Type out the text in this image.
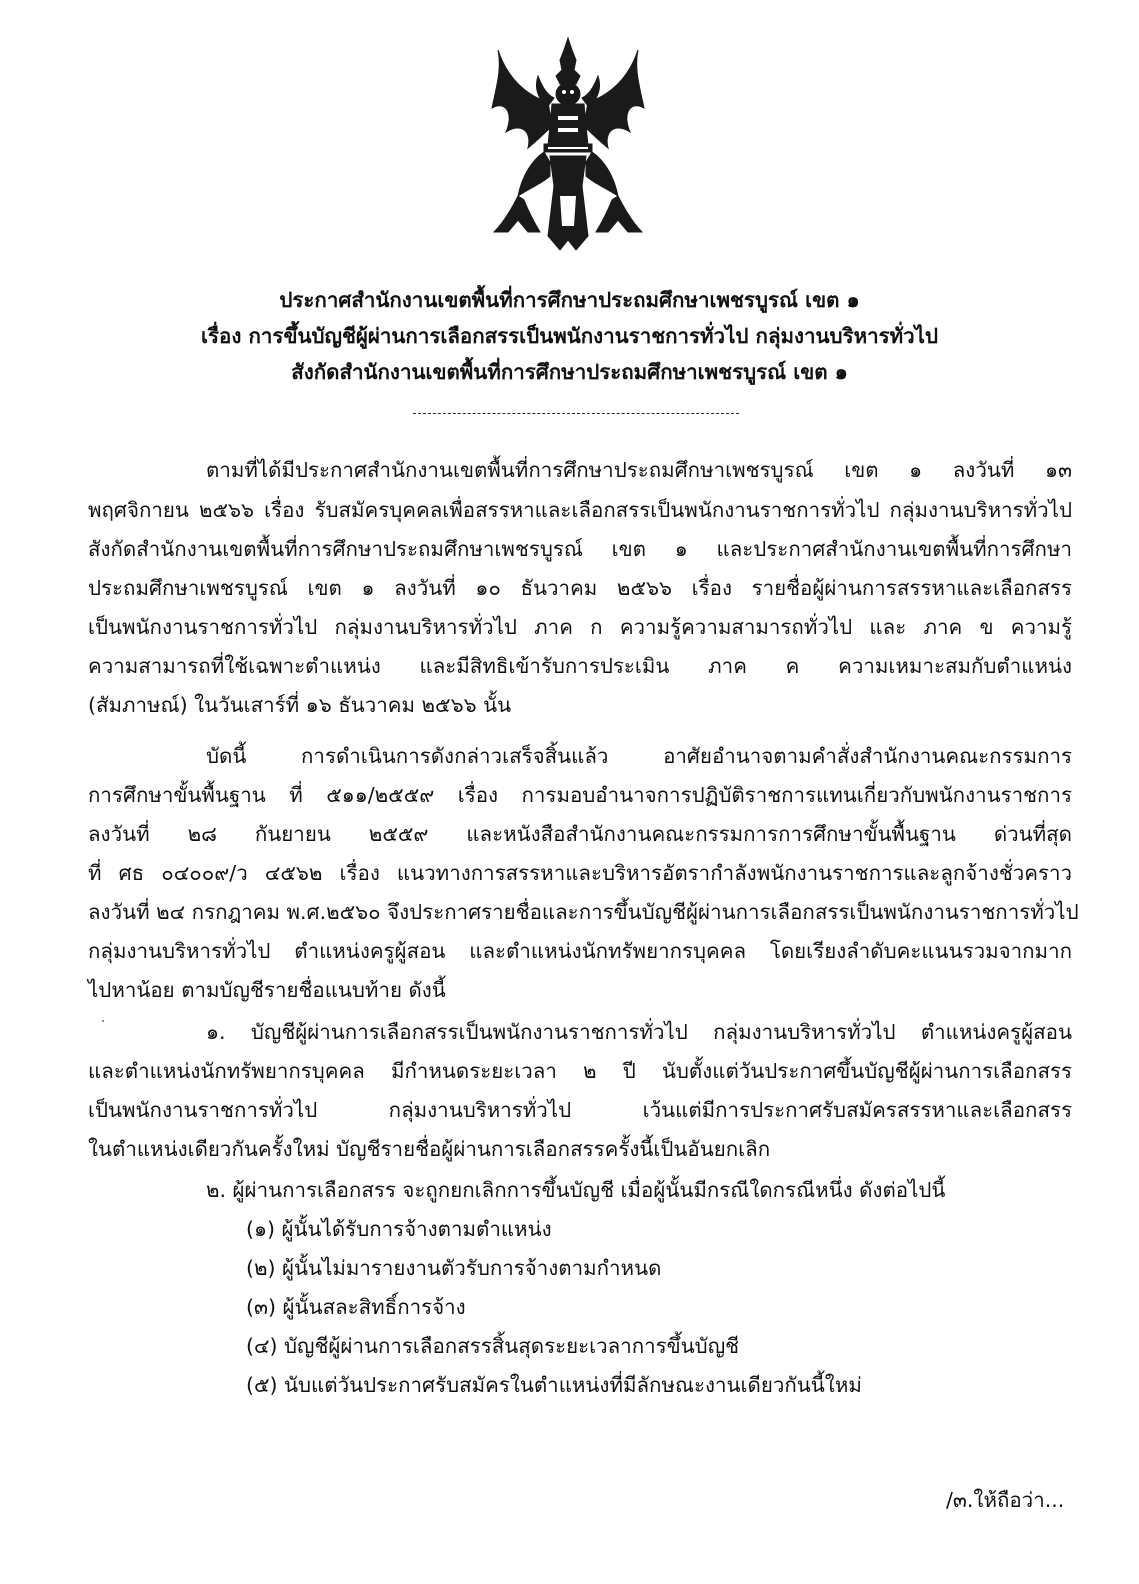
ประกาศสำนักงานเขตพื้นที่การศึกษาประถมศึกษาเพชรบูรณ์ เขต ๑
เรื่อง การขึ้นบัญชีผู้ผ่านการเลือกสรรเป็นพนักงานราชการทั่วไป กลุ่มงานบริหารทั่วไป
สังกัดสำนักงานเขตพื้นที่การศึกษาประถมศึกษาเพชรบูรณ์ เขต ๑
ตามที่ได้มีประกาศสำนักงานเขตพื้นที่การศึกษาประถมศึกษาเพชรบูรณ์ เขต ๑ ลงวันที่ ๑๓
พฤศจิกายน ๒๕๖๖ เรื่อง รับสมัครบุคคลเพื่อสรรหาและเลือกสรรเป็นพนักงานราชการทั่วไป กลุ่มงานบริหารทั่วไป
สังกัดสำนักงานเขตพื้นที่การศึกษาประถมศึกษาเพชรบูรณ์ เขต ๑ และประกาศสำนักงานเขตพื้นที่การศึกษา
ประถมศึกษาเพชรบูรณ์ เขต ๑ ลงวันที่ ๑๐ ธันวาคม ๒๕๖๖ เรื่อง รายชื่อผู้ผ่านการสรรหาและเลือกสรร
เป็นพนักงานราชการทั่วไป กลุ่มงานบริหารทั่วไป ภาค ก ความรู้ความสามารถทั่วไป และ ภาค ข ความรู้
ความสามารถที่ใช้เฉพาะตำแหน่ง และมีสิทธิเข้ารับการประเมิน ภาค ค ความเหมาะสมกับตำแหน่ง
(สัมภาษณ์) ในวันเสาร์ที่ ๑๖ ธันวาคม ๒๕๖๖ นั้น
บัดนี้ การดำเนินการดังกล่าวเสร็จสิ้นแล้ว อาศัยอำนาจตามคำสั่งสำนักงานคณะกรรมการ
การศึกษาขั้นพื้นฐาน ที่ ๕๑๑/๒๕๕๙ เรื่อง การมอบอำนาจการปฏิบัติราชการแทนเกี่ยวกับพนักงานราชการ
ลงวันที่ ๒๘ กันยายน ๒๕๕๙ และหนังสือสำนักงานคณะกรรมการการศึกษาขั้นพื้นฐาน ด่วนที่สุด
ที่ ศธ ๐๔๐๐๙/ว ๔๕๖๒ เรื่อง แนวทางการสรรหาและบริหารอัตรากำลังพนักงานราชการและลูกจ้างชั่วคราว
ลงวันที่ ๒๔ กรกฎาคม พ.ศ.๒๕๖๐ จึงประกาศรายชื่อและการขึ้นบัญชีผู้ผ่านการเลือกสรรเป็นพนักงานราชการทั่วไป
กลุ่มงานบริหารทั่วไป ตำแหน่งครูผู้สอน และตำแหน่งนักทรัพยากรบุคคล โดยเรียงลำดับคะแนนรวมจากมาก
ไปหาน้อย ตามบัญชีรายชื่อแนบท้าย ดังนี้
๑. บัญชีผู้ผ่านการเลือกสรรเป็นพนักงานราชการทั่วไป กลุ่มงานบริหารทั่วไป ตำแหน่งครูผู้สอน
และตำแหน่งนักทรัพยากรบุคคล มีกำหนดระยะเวลา ๒ ปี นับตั้งแต่วันประกาศขึ้นบัญชีผู้ผ่านการเลือกสรร
เป็นพนักงานราชการทั่วไป กลุ่มงานบริหารทั่วไป เว้นแต่มีการประกาศรับสมัครสรรหาและเลือกสรร
ในตำแหน่งเดียวกันครั้งใหม่ บัญชีรายชื่อผู้ผ่านการเลือกสรรครั้งนี้เป็นอันยกเลิก
๒. ผู้ผ่านการเลือกสรร จะถูกยกเลิกการขึ้นบัญชี เมื่อผู้นั้นมีกรณีใดกรณีหนึ่ง ดังต่อไปนี้
(๑) ผู้นั้นได้รับการจ้างตามตำแหน่ง
(๒) ผู้นั้นไม่มารายงานตัวรับการจ้างตามกำหนด
(๓) ผู้นั้นสละสิทธิ์การจ้าง
(๔) บัญชีผู้ผ่านการเลือกสรรสิ้นสุดระยะเวลาการขึ้นบัญชี
(๕) นับแต่วันประกาศรับสมัครในตำแหน่งที่มีลักษณะงานเดียวกันนี้ใหม่
/๓.ให้ถือว่า...
